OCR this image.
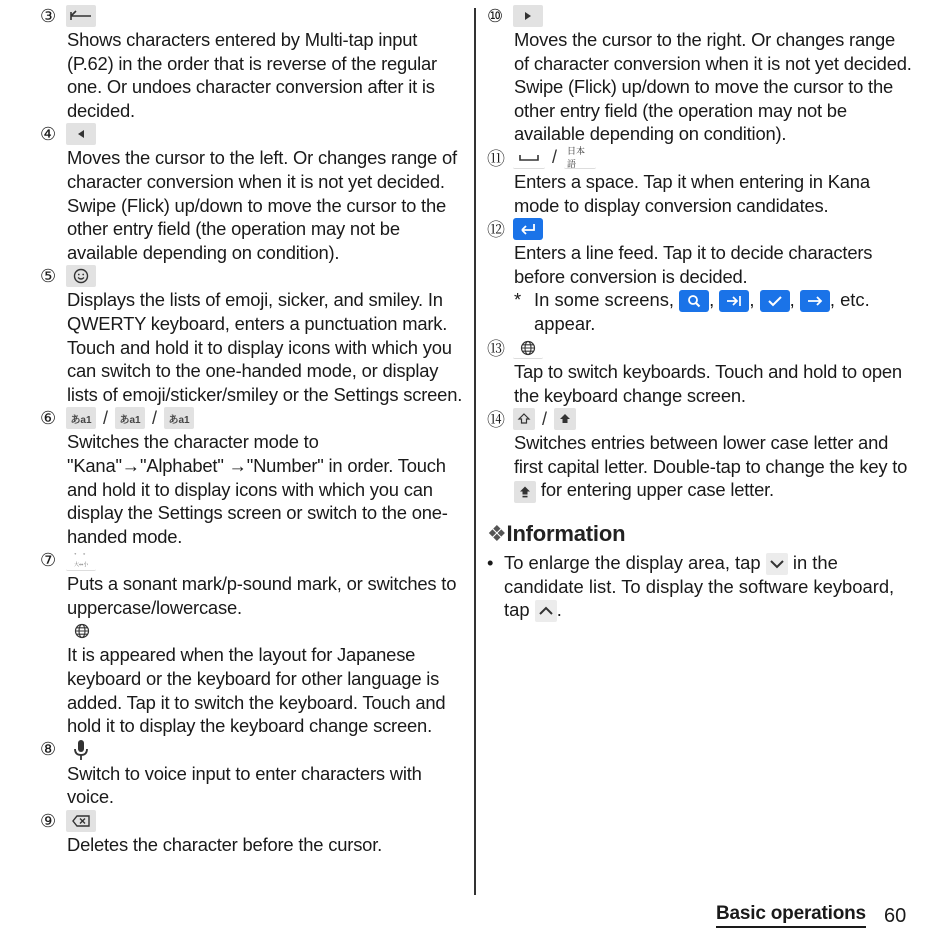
③

Shows characters entered by Multi-tap input (P.62) in the order that is reverse of the regular one. Or undoes character conversion after it is decided.

④

Moves the cursor to the left. Or changes range of character conversion when it is not yet decided. Swipe (Flick) up/down to move the cursor to the other entry field (the operation may not be available depending on condition).

⑤

Displays the lists of emoji, sicker, and smiley. In QWERTY keyboard, enters a punctuation mark. Touch and hold it to display icons with which you can switch to the one-handed mode, or display lists of emoji/sticker/smiley or the Settings screen.

⑥	あa1 / あa1 / あa1

Switches the character mode to "Kana"→"Alphabet" →"Number" in order. Touch and hold it to display icons with which you can display the Settings screen or switch to the one-handed mode.

⑦	゛ ゜
大⇔小

Puts a sonant mark/p-sound mark, or switches to uppercase/lowercase.

It is appeared when the layout for Japanese keyboard or the keyboard for other language is added. Tap it to switch the keyboard. Touch and hold it to display the keyboard change screen.

⑧

Switch to voice input to enter characters with voice.

⑨

Deletes the character before the cursor.

⑩

Moves the cursor to the right. Or changes range of character conversion when it is not yet decided. Swipe (Flick) up/down to move the cursor to the other entry field (the operation may not be available depending on condition).

⑪	/ 日本語

Enters a space. Tap it when entering in Kana mode to display conversion candidates.

⑫

Enters a line feed. Tap it to decide characters before conversion is decided.

* In some screens, ,
,
,
, etc. appear.
⑬

Tap to switch keyboards. Touch and hold to open the keyboard change screen.

⑭	/

Switches entries between lower case letter and first capital letter. Double-tap to change the key to
for entering upper case letter.

❖Information
• To enlarge the display area, tap in the candidate list. To display the software keyboard, tap .
Basic operations 60
